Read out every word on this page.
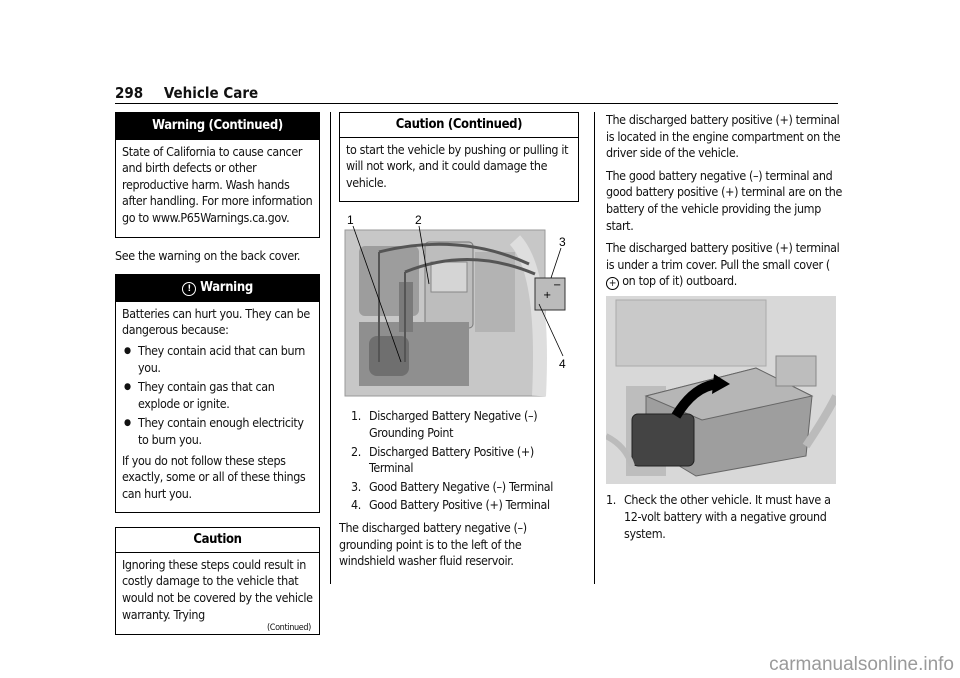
298 Vehicle Care
Warning (Continued)

State of California to cause cancer and birth defects or other reproductive harm. Wash hands after handling. For more information go to www.P65Warnings.ca.gov.

See the warning on the back cover.

! Warning

Batteries can hurt you. They can be dangerous because:

● They contain acid that can burn you.
● They contain gas that can explode or ignite.
● They contain enough electricity to burn you.

If you do not follow these steps exactly, some or all of these things can hurt you.

Caution

Ignoring these steps could result in costly damage to the vehicle that would not be covered by the vehicle warranty. Trying

(Continued)
Caution (Continued)

to start the vehicle by pushing or pulling it will not work, and it could damage the vehicle.

+
−
1	2
3
4
1. Discharged Battery Negative (–) Grounding Point
2. Discharged Battery Positive (+) Terminal
3. Good Battery Negative (–) Terminal
4. Good Battery Positive (+) Terminal

The discharged battery negative (–) grounding point is to the left of the windshield washer fluid reservoir.

The discharged battery positive (+) terminal is located in the engine compartment on the driver side of the vehicle.

The good battery negative (–) terminal and good battery positive (+) terminal are on the battery of the vehicle providing the jump start.

The discharged battery positive (+) terminal is under a trim cover. Pull the small cover (+ on top of it) outboard.

1. Check the other vehicle. It must have a 12-volt battery with a negative ground system.
carmanualsonline.info
